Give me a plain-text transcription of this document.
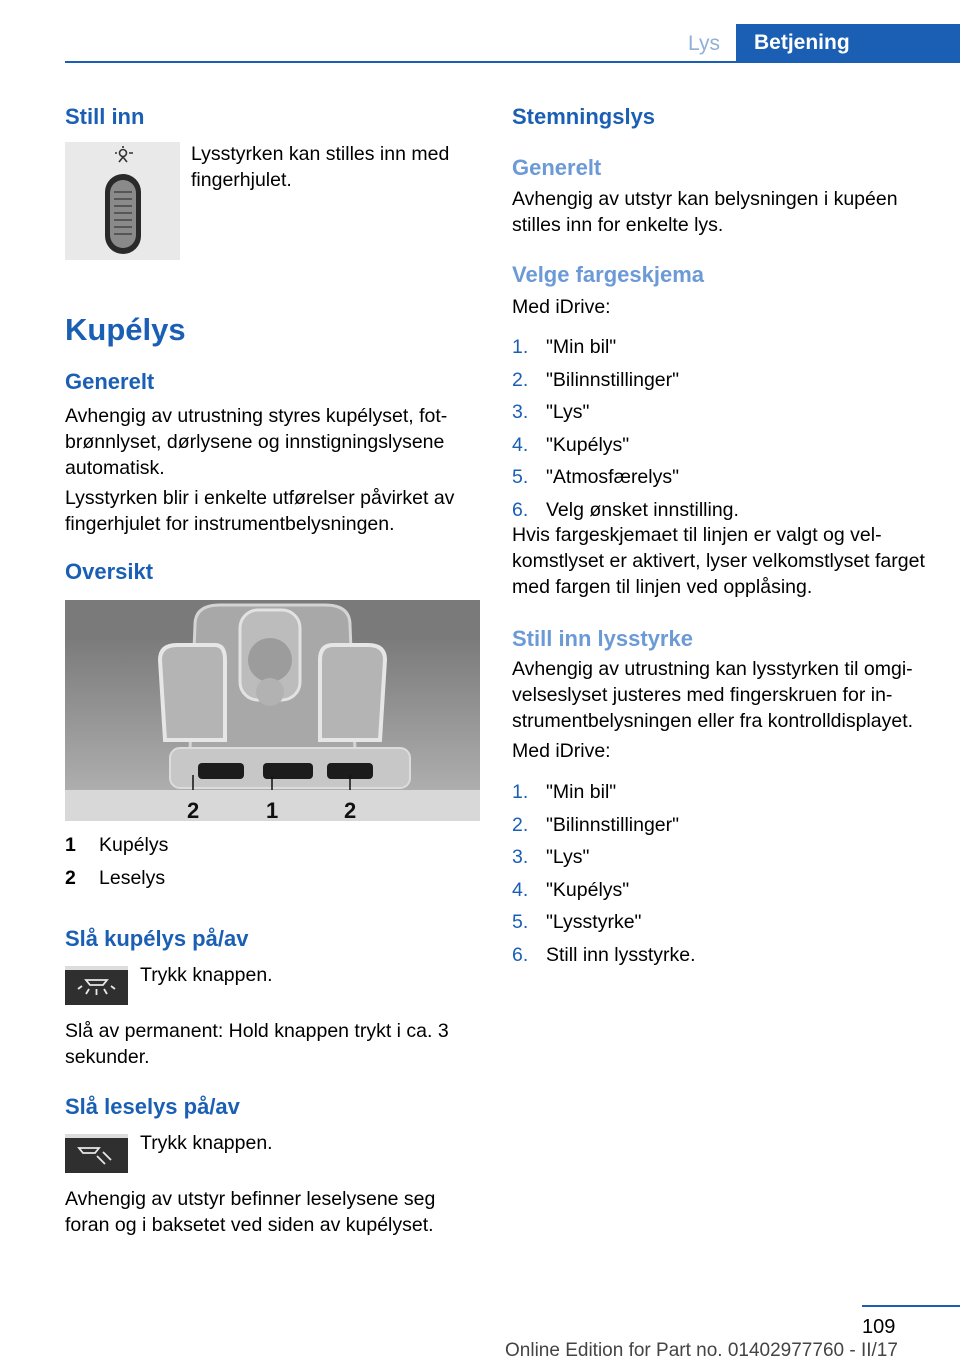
Lys	Betjening
Still inn

Lysstyrken kan stilles inn med fingerhjulet.

Kupélys
Generelt

Avhengig av utrustning styres kupélyset, fotbrønnlyset, dørlysene og innstigningslysene automatisk.

Lysstyrken blir i enkelte utførelser påvirket av fingerhjulet for instrumentbelysningen.

Oversikt
2	1	2
1 Kupélys
2 Leselys
Slå kupélys på/av

Trykk knappen.

Slå av permanent: Hold knappen trykt i ca. 3 sekunder.

Slå leselys på/av

Trykk knappen.

Avhengig av utstyr befinner leselysene seg foran og i baksetet ved siden av kupélyset.

Stemningslys
Generelt

Avhengig av utstyr kan belysningen i kupéen stilles inn for enkelte lys.

Velge fargeskjema

Med iDrive:

1. "Min bil"
2. "Bilinnstillinger"
3. "Lys"
4. "Kupélys"
5. "Atmosfærelys"
6. Velg ønsket innstilling.

Hvis fargeskjemaet til linjen er valgt og velkomstlyset er aktivert, lyser velkomstlyset farget med fargen til linjen ved opplåsing.

Still inn lysstyrke

Avhengig av utrustning kan lysstyrken til omgivelseslyset justeres med fingerskruen for instrumentbelysningen eller fra kontrolldisplayet.

Med iDrive:

1. "Min bil"
2. "Bilinnstillinger"
3. "Lys"
4. "Kupélys"
5. "Lysstyrke"
6. Still inn lysstyrke.
109
Online Edition for Part no. 01402977760 - II/17
